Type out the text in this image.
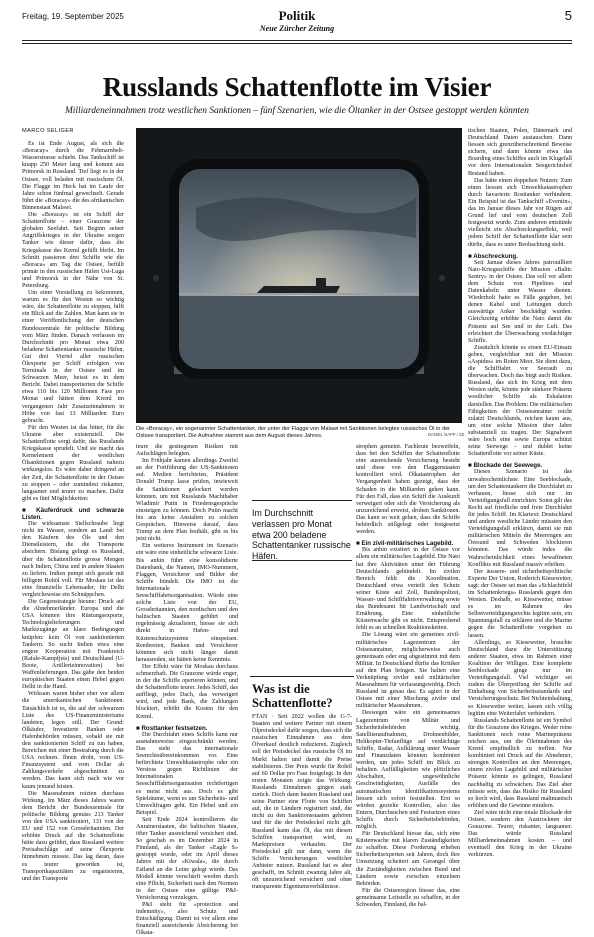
Freitag, 19. September 2025	Politik
Neue Zürcher Zeitung
5
Russlands Schattenflotte im Visier
Milliardeneinnahmen trotz westlichen Sanktionen – fünf Szenarien, wie die Öltanker in der Ostsee gestoppt werden könnten

MARCO SELIGER

Es ist Ende August, als sich die «Boracay» durch die Fehmarnbelt-Wasserstrasse schiebt. Das Tankschiff ist knapp 250 Meter lang und kommt aus Primorsk in Russland. Tief liegt es in der Ostsee, voll beladen mit russischem Öl. Die Flagge im Heck hat im Laufe der Jahre schon fünfmal gewechselt. Gerade führt die «Boracay» die des afrikanischen Binnenstaat Malawi.

Die «Boracay» ist ein Schiff der Schattenflotte – einer Grauzone der globalen Seefahrt. Seit Beginn seiner Angriffskrieges in der Ukraine sorgen Tanker wie dieser dafür, dass die Kriegskasse des Kreml gefüllt bleibt. Im Schnitt passieren drei Schiffe wie die «Boraca» am Tag die Ostsee, befüllt primär in den russischen Häfen Ust-Luga und Primorsk in der Nähe von St. Petersburg.

Um einer Vorstellung zu bekommen, warum es für den Westen so wichtig wäre, die Schattenflotte zu stoppen, hilft ein Blick auf die Zahlen. Man kann sie in einer Veröffentlichung der deutschen Bundeszentrale für politische Bildung vom März finden. Danach verlassen im Durchschnitt pro Monat etwa 200 beladene Schattentanker russische Häfen. Gut drei Viertel aller russischen Ölexporte per Schiff erfolgten von Terminals in der Ostsee und im Schwarzen Meer, heisst es in dem Bericht. Dabei transportierten die Schiffe etwa 110 bis 120 Millionen Fass pro Monat und hätten dem Kreml im vergangenen Jahr Zusatzeinnahmen in Höhe von fast 13 Milliarden Euro gebracht.

Für den Westen ist das bitter, für die Ukraine aber existenziell. Die Schattenflotte sorgt dafür, das Russlands Kriegskasse sprudelt. Und sie macht das Kernelement der westlichen Ölsanktionen gegen Russland nahezu wirkungslos. Es wäre daher dringend an der Zeit, die Schattenflotte in der Ostsee zu stoppen – oder zumindest riskanter, langsamer und teurer zu machen. Dafür gibt es fünf Möglichkeiten:

■ Käuferdruck und schwarze Listen.

Die wirksamste Stellschraube liegt nicht im Wasser, sondern an Land: bei den Käufern des Öls und den Dienstleistern, die die Transporte absichern. Bislang gelingt es Russland, über die Schattenflotte grosse Mengen nach Indien, China und in andere Staaten zu liefern. Indien pumpt sich gerade mit billigem Rohöl voll. Für Moskau ist das eine finanzielle Lebensader, für Delhi vergleichsweise ein Schnäppchen.

Die Gegenstrategie hieune: Druck auf die Abnehmerländer. Europa und die USA könnten ihre Rüstungsexporte, Technologielieferungen und Marktzugänge an klare Bedingungen knüpfen: kein Öl von sanktionierten Tankern. So sucht Indien etwa eine engere Kooperation mit Frankreich (Rafale-Kampfjets) und Deutschland (U-Boote, Artillerieinnovation) bei Waffenlieferungen. Das gäbe den beiden europäischen Staaten einen Hebel gegen Delhi in die Hand.

Wirksam waren bisher eher vor allem die amerikanischen Sanktionen. Tatsächlich ist es, die auf der schwarzen Liste des US-Finanzministeriums landeten, legen still. Der Grund: Ölkäufer, Investierte Banken oder Hafenbehörden müssen, sobald sie mit den sanktionierten Schiff zu tun haben, Bereichen mit einer Bestrafung durch die USA rechnen. Ihnen droht, vom US-Finanzsystem und vom Dollar ab Zahlungsverkehr abgeschnitten zu werden. Das kann sich nach wie vor kaum jemand leisten.

Die Massnahmen reizten durchaus Wirkung. Im März dieses Jahres waren dem Bericht der Bundeszentrale für politische Bildung gemäss 213 Tanker von den USA sanktioniert, 131 von der EU und 152 von Grossbritannien. Der erhöhte Druck auf die Schattenflotte hätte dazu geführt, dass Russland weitere Preisabschläge auf seine Ölexporte hinnehmen musste. Das lag daran, dass es teurer geworden ist, Transportkapazitäten zu organisieren, und der Transporte

Die «Boracay», ein sogenannter Schattentanker, der unter der Flagge von Malawi mit Sanktionen belegtes russisches Öl in der Ostsee transportiert. Die Aufnahme stammt aus dem August dieses Jahres.	DANIEL NAPP / SZ

teure die gestiegenen Risiken mit Aufschlägen belegten.

Im Frühjahr kamen allerdings Zweifel an der Fortführung der US-Sanktionen auf. Medien berichteten, Präsident Donald Trump lasse prüfen, inwieweit die Sanktionen gelockert werden könnten, um mit Russlands Machthaber Wladimir Putin in Friedensgespräche einsteigen zu können. Doch Putin macht bis ans keine Anstalten zu solchen Gesprächen. Hinweise darauf, dass Trump an dem Plan festhält, gibt es bis jetzt nicht.

Ein weiteres Instrument im Szenario ein wäre eine einheitliche schwarze Liste. Bis anhin führt eine konsolidierte Datenbank, die Namen, IMO-Nummern, Flaggen, Versicherer und Bilder der Schiffe bündelt. Die IMO ist die Internationale Seeschifffahrtsorganisation. Würde eine solche Liste von der EU, Grossbritannien, den nordischen und den baltischen Staaten geführt und regelmässig aktualisiert, hiesse sie sich direkt in Hafen- und Küstenschutzsysteme einspeisen. Reedereien, Banken und Versicherer könnten sich nicht länger damit herausreden, sie hätten keine Kenntnis.

Der Effekt wäre für Moskau durchaus schmerzhaft. Die Grauzone würde enger, in der die Schiffe operieren können, und die Schattenflotte teurer. Jedes Schiff, das auffliegt, jedes Dach, das verweigert wird, und jede Bank, die Zahlungen blockiert, erhöht die Kosten für den Kreml.

■ Rosttanker festsetzen.

Die Durchfahrt eines Schiffs kann nur ausnahmsweise eingeschränkt werden. Das sieht das internationale Seerechtsübereinkommen vor. Eine befürchtete Umweltkatastrophe oder ein Verstoss gegen Richtlinien der Internationalen Seeschifffahrtsorganisation rechtfertigen es meist nicht aus. Doch es gibt Spielräume, wenn es um Sicherheits- und Umweltfragen geht. Ein Hebel und ein Beispiel.

Seit Ende 2024 kontrollieren die Anrainerstaaten, die baltischen Staaten, öfter Tanker ausreichend versichert sind. So geschah es im Dezember 2024 in Finnland, als der Tanker «Eagle S» gestoppt wurde, oder im April dieses Jahres mit der «Kiwala», die durch Estland an die Leine gelegt wurde. Das Modell könnte verschärft werden durch eine Pflicht, Sicherheit nach den Normen in der Ostsee eine gültige P&I-Versicherung vorzulegen.

P&I steht für «protection and indemnity», also Schutz und Entschädigung. Damit ist vor allem eine finanziell ausreichende Absicherung bei Ölkata-

Im Durchschnitt verlassen pro Monat etwa 200 beladene Schattentanker russische Häfen.
Was ist die Schattenflotte?

FTAN · Seit 2022 wollen die G-7-Staaten und weitere Partner mit einem Ölpreisdeckel dafür sorgen, dass sich die russischen Einnahmen aus dem Ölverkauf deutlich reduzieren. Zugleich soll der Preisdeckel das russische Öl im Markt halten und damit die Preise stabilisieren. Der Preis wurde für Rohöl auf 60 Dollar pro Fass festgelegt. In den ersten Monaten zeigte das Wirkung: Russlands Einnahmen gingen stark zurück. Doch dann bauten Russland und seine Partner eine Flotte von Schiffen auf, die in Ländern registriert sind, die nicht zu den Sanktionsstaaten gehören und für die der Preisdeckel nicht gilt. Russland kann das Öl, das mit diesen Schiffen transportiert wird, zu Marktpreisen verkaufen. Der Preisdeckel gilt nur dann, wenn die Schiffe Versicherungen westlicher Anbieter nutzen. Russland hat es aber geschafft, im Schnitt zwanzig Jahre alt, oft unzureichend versichert und ohne transparente Eigentumsverhältnisse.

strophen gemeint. Fachleute bezweifeln, dass bei den Schiffen der Schattenflotte eine ausreichende Versicherung besteht und diese von den Flaggenstaaten kontrolliert wird. Ölkatastrophen der Vergangenheit haben gezeigt, dass der Schaden in die Milliarden gehen kann. Für den Fall, dass ein Schiff die Auskunft verweigert oder sich die Versicherung als unzureichend erweist, drohen Sanktionen. Das kann so weit gehen, dass die Schiffe behördlich stillgelegt oder festgesetzt werden.

■ Ein zivil-militärisches Lagebild.

Bis anhin existiert in der Ostsee vor allem ein militärisches Lagebild. Die Nato hat ihre Aktivitäten unter der Führung Deutschlands gebündelt. Im zivilen Bereich fehlt die Koordination. Deutschland etwa verteilt den Schutz seiner Küste auf Zoll, Bundespolizei, Wasser- und Schifffahrtsverwaltung sowie das Bundesamt für Landwirtschaft und Ernährung. Eine einheitliche Küstenwache gibt es nicht. Entsprechend fehlt es an schnellen Reaktionsketten.

Die Lösung wäre ein gemeines zivil-militärisches Lagezentrum der Ostseeanrainer, möglicherweise auch gemeinsam oder eng abgestimmt mit dem Militär. In Deutschland dürfte das Kritiker auf den Plan bringen. Sie halten eine Verknüpfung ziviler und militärischer Massnahmen für verfassungswidrig. Doch Russland ist genau das: Es agiert in der Ostsee mit einer Mischung ziviler und militärischer Massnahmen.

Deswegen wäre ein gemeinsames Lagezentrum von Militär und Sicherheitsbehörden wichtig. Satellitenaufnahmen, Drohnenbilder, Helikopter-Tiefanflüge auf verdächtige Schiffe, Radar, Aufklärung unter Wasser und Finanzdaten könnten kombiniert werden, um jedes Schiff im Blick zu behalten. Auffälligkeiten wie plötzliches Abschalten, ungewöhnliche Geschwindigkeiten, Ausfälle des automatischen Identifikationssystems liessen sich sofort feststellen. Erst so würden gezielte Kontrollen, also das Entern, Durchsuchen und Festsetzen eines Schiffs durch Sicherheitsbehörden, möglich.

Für Deutschland hiesse das, sich eine Küstenwache mit klaren Zuständigkeiten zu schaffen. Diese Forderung erheben Sicherheitsexperten seit Jahren, doch ihre Umsetzung scheitert am Gerangel über die Zuständigkeiten zwischen Bund und Ländern sowie zwischen einzelnen Behörden.

Für die Ostseeregion hiesse das, eine gemeinsame Leitstelle zu schaffen, in der Schweden, Finnland, die bal-

tischen Staaten, Polen, Dänemark und Deutschland Daten austauschen. Dann liessen sich grenzüberschreitend Beweise sichern, und dann könnte etwa das Boarding eines Schiffes auch im Klugefall vor dem Internationalen Seegerichtshof Bestand haben.

Das hätte einen doppelten Nutzen: Zum einen liessen sich Umweltkatastrophen durch havarierte Rosttanker verhindern. Ein Beispiel ist das Tankschiff «Eventin», das im Januar dieses Jahr vor Rügen auf Grund lief und vom deutschen Zoll festgesetzt wurde. Zum anderen entstünde vielleicht ein Abschreckungseffekt, weil jedem Schiff der Schattenflotte klar sein dürfte, dass es unter Beobachtung steht.

■ Abschreckung.

Seit Januar dieses Jahres patrouilliert Nato-Kriegsschiffe der Mission «Baltic Sentry» in der Ostsee. Das soll vor allem dem Schutz von Pipelines und Datenkabeln unter Wasser dienen. Wiederholt hatte es Fälle gegeben, bei denen Kabel und Leitungen durch auswärtige Anker beschädigt wurden. Gleichzeitig erhöhte die Nato damit die Präsenz auf See und in der Luft. Das erleichtert die Überwachung verdächtiger Schiffe.

Zusätzlich könnte es einen EU-Einsatz geben, vergleichbar mit der Mission «Aspides» im Roten Meer. Sie dient dazu, die Schifffahrt vor Seeraub zu überwachen. Doch das birgt auch Risiken. Russland, das sich im Krieg mit dem Westen sieht, könnte jede stärkere Präsenz westlicher Schiffe als Eskalation darstellen. Das Problem: Die militärischen Fähigkeiten der Ostseeanrainer reicht zulatzt Deutschlands, reichen kaum aus, um eine solche Mission über Jahre substanziell zu tragen. Der Signalwert wäre hoch eine sowie Europa schützt seine Seewege – und duldet keine Schattenflotte vor seiner Küste.

■ Blockade der Seewege.

Dieses Szenario ist das unwahrscheinlichste. Eine Seeblockade, um den Schattentankern die Durchfahrt zu verbauen, liesse sich nur im Verteidigungsfall einrichten. Sonst gilt das Recht auf friedliche und freie Durchfahrt für jedes Schiff. Im Klartext: Deutschland und andere westliche Länder müssten den Verteidigungsfall erklären, damit sie mit militärischen Mitteln die Meerengen am Öresund und Schweden blockieren könnten. Das würde indes die Wahrscheinlichkeit eines bewaffneten Konflikts mit Russland massiv erhöhen.

Der äussere- und sicherheitspolitische Experte Der Union, Roderich Kiesewetter, sagt: der Ostsee sei man das «Schlachtfeld im Schattenkriegs» Russlands gegen den Westen. Deshalb, so Kiesewetter, müsse es im Rahmen des Selbstverteidigungsrechts legitim sein, ein Spannungsfall zu erklären und die Marine gegen die Schattenflotte vorgehen zu lassen.

Allerdings, so Kiesewetter, brauchte Deutschland dazu die Unterstützung anderer Staaten, etwa im Rahmen einer Koalition der Willigen. Eine komplette Seeblockade ginge nur im Verteidigungsfall. Viel wichtiger sei zudem die Überprüfung der Schiffe auf Einhaltung von Sicherheitsstandards und Versicherungsschutz. Bei Nichteinhaltung, so Kiesewetter weiter, lassen sich völlig legitim eine Weiterfahrt verhindern.

Russlands Schattenflotte ist ein Symbol für die Grauzone des Krieges. Weder reine Sanktionen noch reine Marinepräsenz reichen aus, um die Öleinnahmen des Kreml empfindlich zu treffen. Nur kombiniert mit Druck auf die Abnehmer, strengen Kontrollen an den Meerengen, einem zivilen Lagebild und militärischer Präsenz könnte es gelingen, Russland nachhaltig zu schwächen. Das Ziel aber müsste sein, dass das Risiko für Russland so hoch wird, dass Russland maltmanisch erhöhen und die Gewinne mindern.

Ziel wäre nicht eine totale Blockade der Ostsee, sondern den Austrocknen der Grauzone. Teurer, riskanter, langsamer. Das würde Russland Milliardeneinnahmen kosten – und eventuell den Krieg in der Ukraine verkürzen.
